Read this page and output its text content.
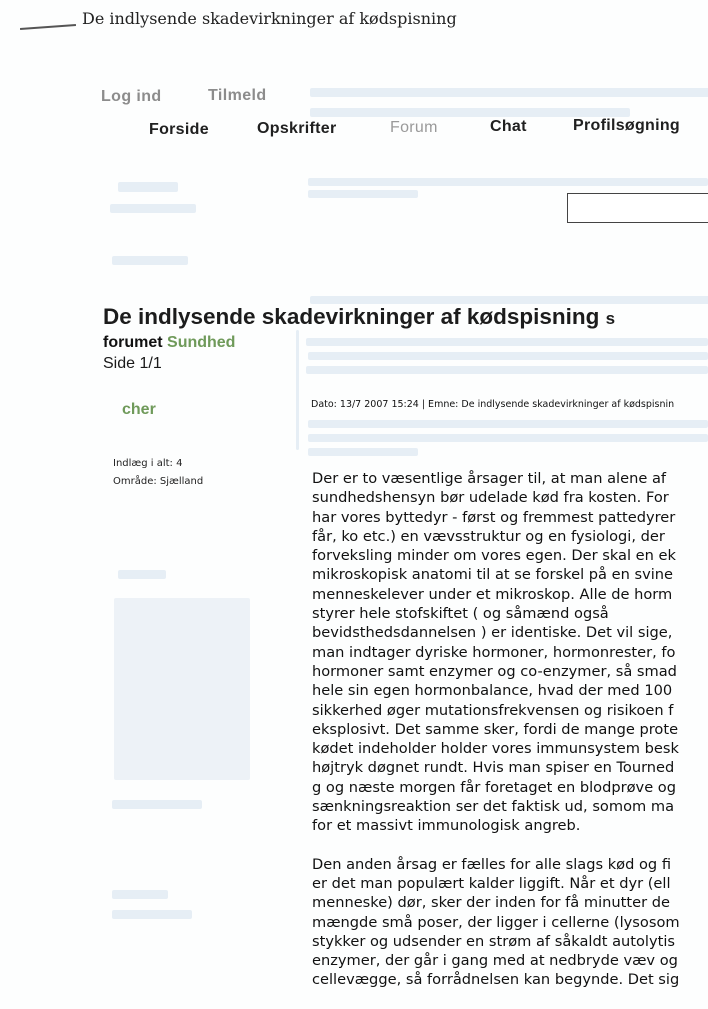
De indlysende skadevirkninger af kødspisning
Log ind	Tilmeld
Forside	Opskrifter	Forum	Chat	Profilsøgning
De indlysende skadevirkninger af kødspisning s
forumet Sundhed
Side 1/1
cher
Indlæg i alt: 4
Område: Sjælland
Dato: 13/7 2007 15:24 | Emne: De indlysende skadevirkninger af kødspisnin

Der er to væsentlige årsager til, at man alene af
sundhedshensyn bør udelade kød fra kosten. For
har vores byttedyr - først og fremmest pattedyrer
får, ko etc.) en vævsstruktur og en fysiologi, der
forveksling minder om vores egen. Der skal en ek
mikroskopisk anatomi til at se forskel på en svine
menneskelever under et mikroskop. Alle de horm
styrer hele stofskiftet ( og såmænd også
bevidsthedsdannelsen ) er identiske. Det vil sige,
man indtager dyriske hormoner, hormonrester, fo
hormoner samt enzymer og co-enzymer, så smad
hele sin egen hormonbalance, hvad der med 100
sikkerhed øger mutationsfrekvensen og risikoen f
eksplosivt. Det samme sker, fordi de mange prote
kødet indeholder holder vores immunsystem besk
højtryk døgnet rundt. Hvis man spiser en Tourned
g og næste morgen får foretaget en blodprøve og
sænkningsreaktion ser det faktisk ud, somom ma
for et massivt immunologisk angreb.

Den anden årsag er fælles for alle slags kød og fi
er det man populært kalder liggift. Når et dyr (ell
menneske) dør, sker der inden for få minutter de
mængde små poser, der ligger i cellerne (lysosom
stykker og udsender en strøm af såkaldt autolytis
enzymer, der går i gang med at nedbryde væv og
cellevægge, så forrådnelsen kan begynde. Det sig
